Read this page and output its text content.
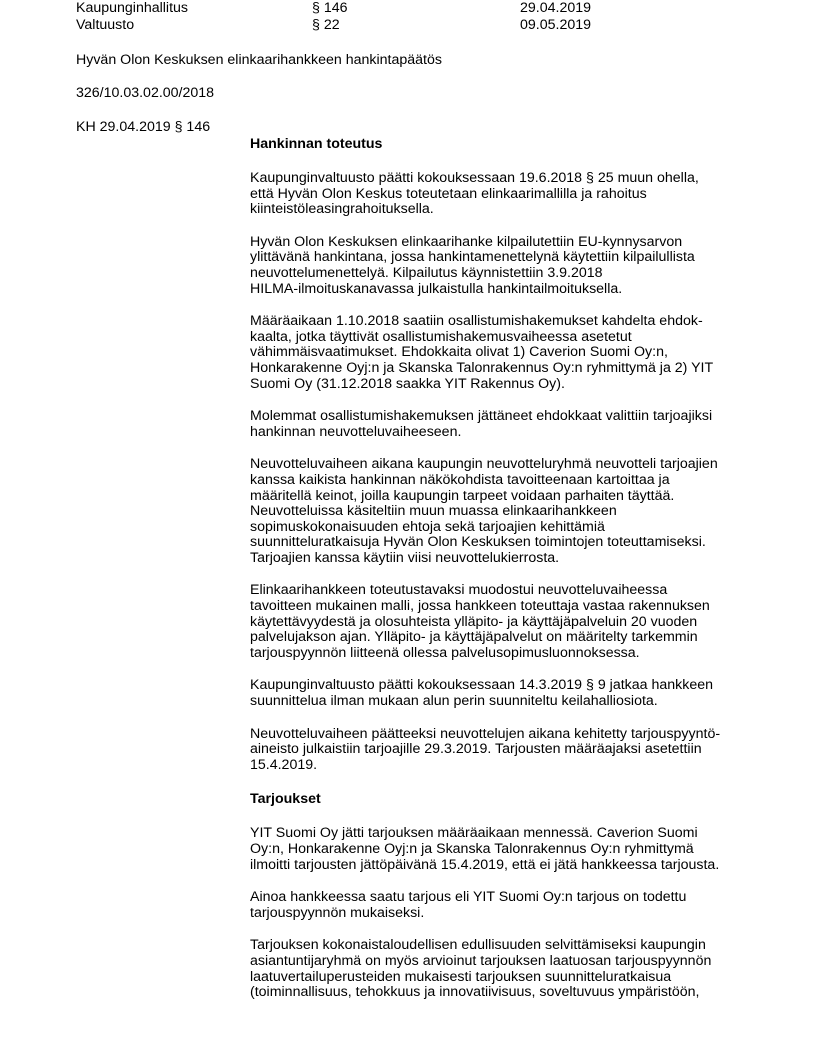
Kaupunginhallitus	§ 146	29.04.2019
Valtuusto	§ 22	09.05.2019
Hyvän Olon Keskuksen elinkaarihankkeen hankintapäätös
326/10.03.02.00/2018
KH 29.04.2019 § 146
Hankinnan toteutus

Kaupunginvaltuusto päätti kokouksessaan 19.6.2018 § 25 muun ohella,
että Hyvän Olon Keskus toteutetaan elinkaarimallilla ja rahoitus
kiinteistöleasingrahoituksella.

Hyvän Olon Keskuksen elinkaarihanke kilpailutettiin EU-kynnysarvon
ylittävänä hankintana, jossa hankintamenettelynä käytettiin kilpailullista
neuvottelumenettelyä. Kilpailutus käynnistettiin 3.9.2018
HILMA-ilmoituskanavassa julkaistulla hankintailmoituksella.

Määräaikaan 1.10.2018 saatiin osallistumishakemukset kahdelta ehdok-
kaalta, jotka täyttivät osallistumishakemusvaiheessa asetetut
vähimmäisvaatimukset. Ehdokkaita olivat 1) Caverion Suomi Oy:n,
Honkarakenne Oyj:n ja Skanska Talonrakennus Oy:n ryhmittymä ja 2) YIT
Suomi Oy (31.12.2018 saakka YIT Rakennus Oy).

Molemmat osallistumishakemuksen jättäneet ehdokkaat valittiin tarjoajiksi
hankinnan neuvotteluvaiheeseen.

Neuvotteluvaiheen aikana kaupungin neuvotteluryhmä neuvotteli tarjoajien
kanssa kaikista hankinnan näkökohdista tavoitteenaan kartoittaa ja
määritellä keinot, joilla kaupungin tarpeet voidaan parhaiten täyttää.
Neuvotteluissa käsiteltiin muun muassa elinkaarihankkeen
sopimuskokonaisuuden ehtoja sekä tarjoajien kehittämiä
suunnitteluratkaisuja Hyvän Olon Keskuksen toimintojen toteuttamiseksi.
Tarjoajien kanssa käytiin viisi neuvottelukierrosta.

Elinkaarihankkeen toteutustavaksi muodostui neuvotteluvaiheessa
tavoitteen mukainen malli, jossa hankkeen toteuttaja vastaa rakennuksen
käytettävyydestä ja olosuhteista ylläpito- ja käyttäjäpalveluin 20 vuoden
palvelujakson ajan. Ylläpito- ja käyttäjäpalvelut on määritelty tarkemmin
tarjouspyynnön liitteenä ollessa palvelusopimusluonnoksessa.

Kaupunginvaltuusto päätti kokouksessaan 14.3.2019 § 9 jatkaa hankkeen
suunnittelua ilman mukaan alun perin suunniteltu keilahalliosiota.

Neuvotteluvaiheen päätteeksi neuvottelujen aikana kehitetty tarjouspyyntö-
aineisto julkaistiin tarjoajille 29.3.2019. Tarjousten määräajaksi asetettiin
15.4.2019.

Tarjoukset

YIT Suomi Oy jätti tarjouksen määräaikaan mennessä. Caverion Suomi
Oy:n, Honkarakenne Oyj:n ja Skanska Talonrakennus Oy:n ryhmittymä
ilmoitti tarjousten jättöpäivänä 15.4.2019, että ei jätä hankkeessa tarjousta.

Ainoa hankkeessa saatu tarjous eli YIT Suomi Oy:n tarjous on todettu
tarjouspyynnön mukaiseksi.

Tarjouksen kokonaistaloudellisen edullisuuden selvittämiseksi kaupungin
asiantuntijaryhmä on myös arvioinut tarjouksen laatuosan tarjouspyynnön
laatuvertailuperusteiden mukaisesti tarjouksen suunnitteluratkaisua
(toiminnallisuus, tehokkuus ja innovatiivisuus, soveltuvuus ympäristöön,
